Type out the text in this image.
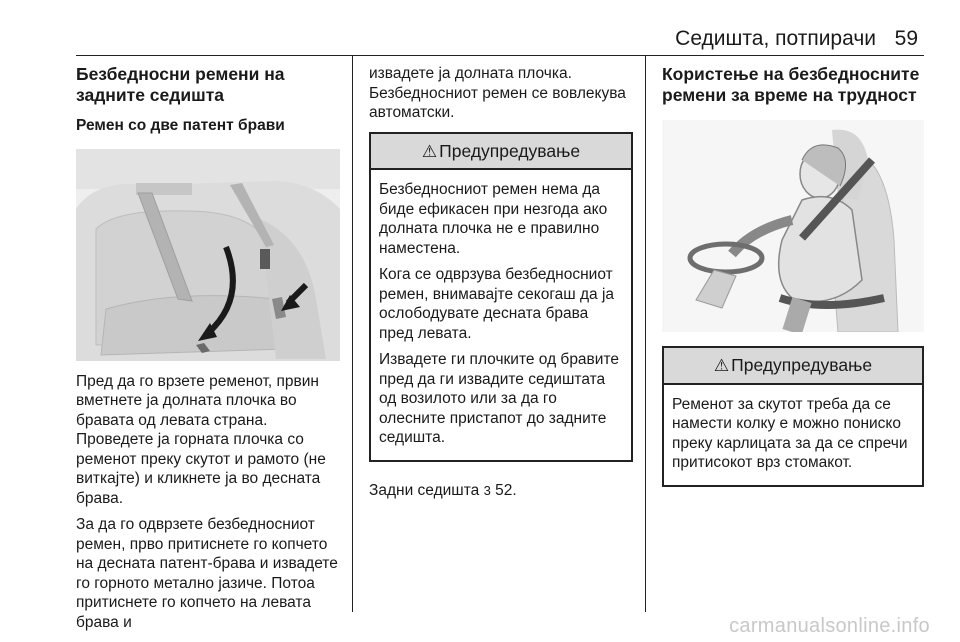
Седишта, потпирачи 59
Безбедносни ремени на задните седишта
Ремен со две патент брави

Пред да го врзете ременот, првин вметнете ја долната плочка во бравата од левата страна. Проведете ја горната плочка со ременот преку скутот и рамото (не виткајте) и кликнете ја во десната брава.

За да го одврзете безбедносниот ремен, прво притиснете го копчето на десната патент-брава и извадете го горното метално јазиче. Потоа притиснете го копчето на левата брава и

извадете ја долната плочка. Безбедносниот ремен се вовлекува автоматски.

⚠ Предупредување

Безбедносниот ремен нема да биде ефикасен при незгода ако долната плочка не е правилно наместена.

Кога се одврзува безбедносниот ремен, внимавајте секогаш да ја ослободувате десната брава пред левата.

Извадете ги плочките од бравите пред да ги извадите седиштата од возилото или за да го олесните пристапот до задните седишта.

Задни седишта 3 52.

Користење на безбедносните ремени за време на трудност
⚠ Предупредување

Ременот за скутот треба да се намести колку е можно пониско преку карлицата за да се спречи притисокот врз стомакот.

carmanualsonline.info
